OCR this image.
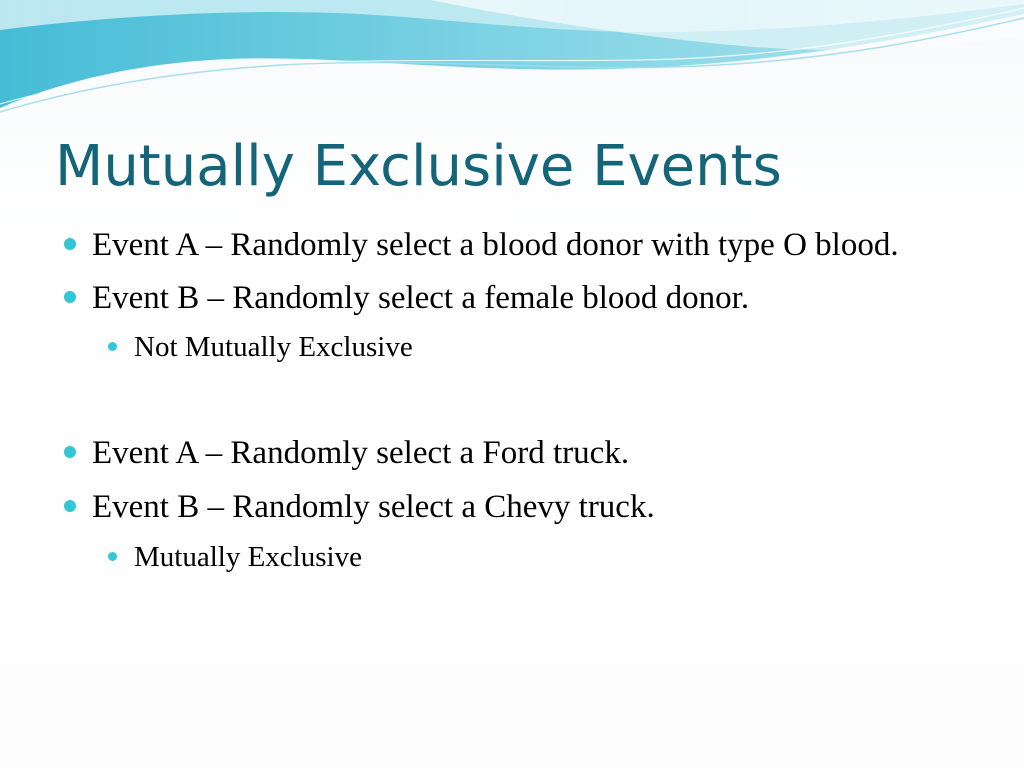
Mutually Exclusive Events

Event A – Randomly select a blood donor with type O blood.

Event B – Randomly select a female blood donor.

Not Mutually Exclusive

Event A – Randomly select a Ford truck.

Event B – Randomly select a Chevy truck.

Mutually Exclusive
